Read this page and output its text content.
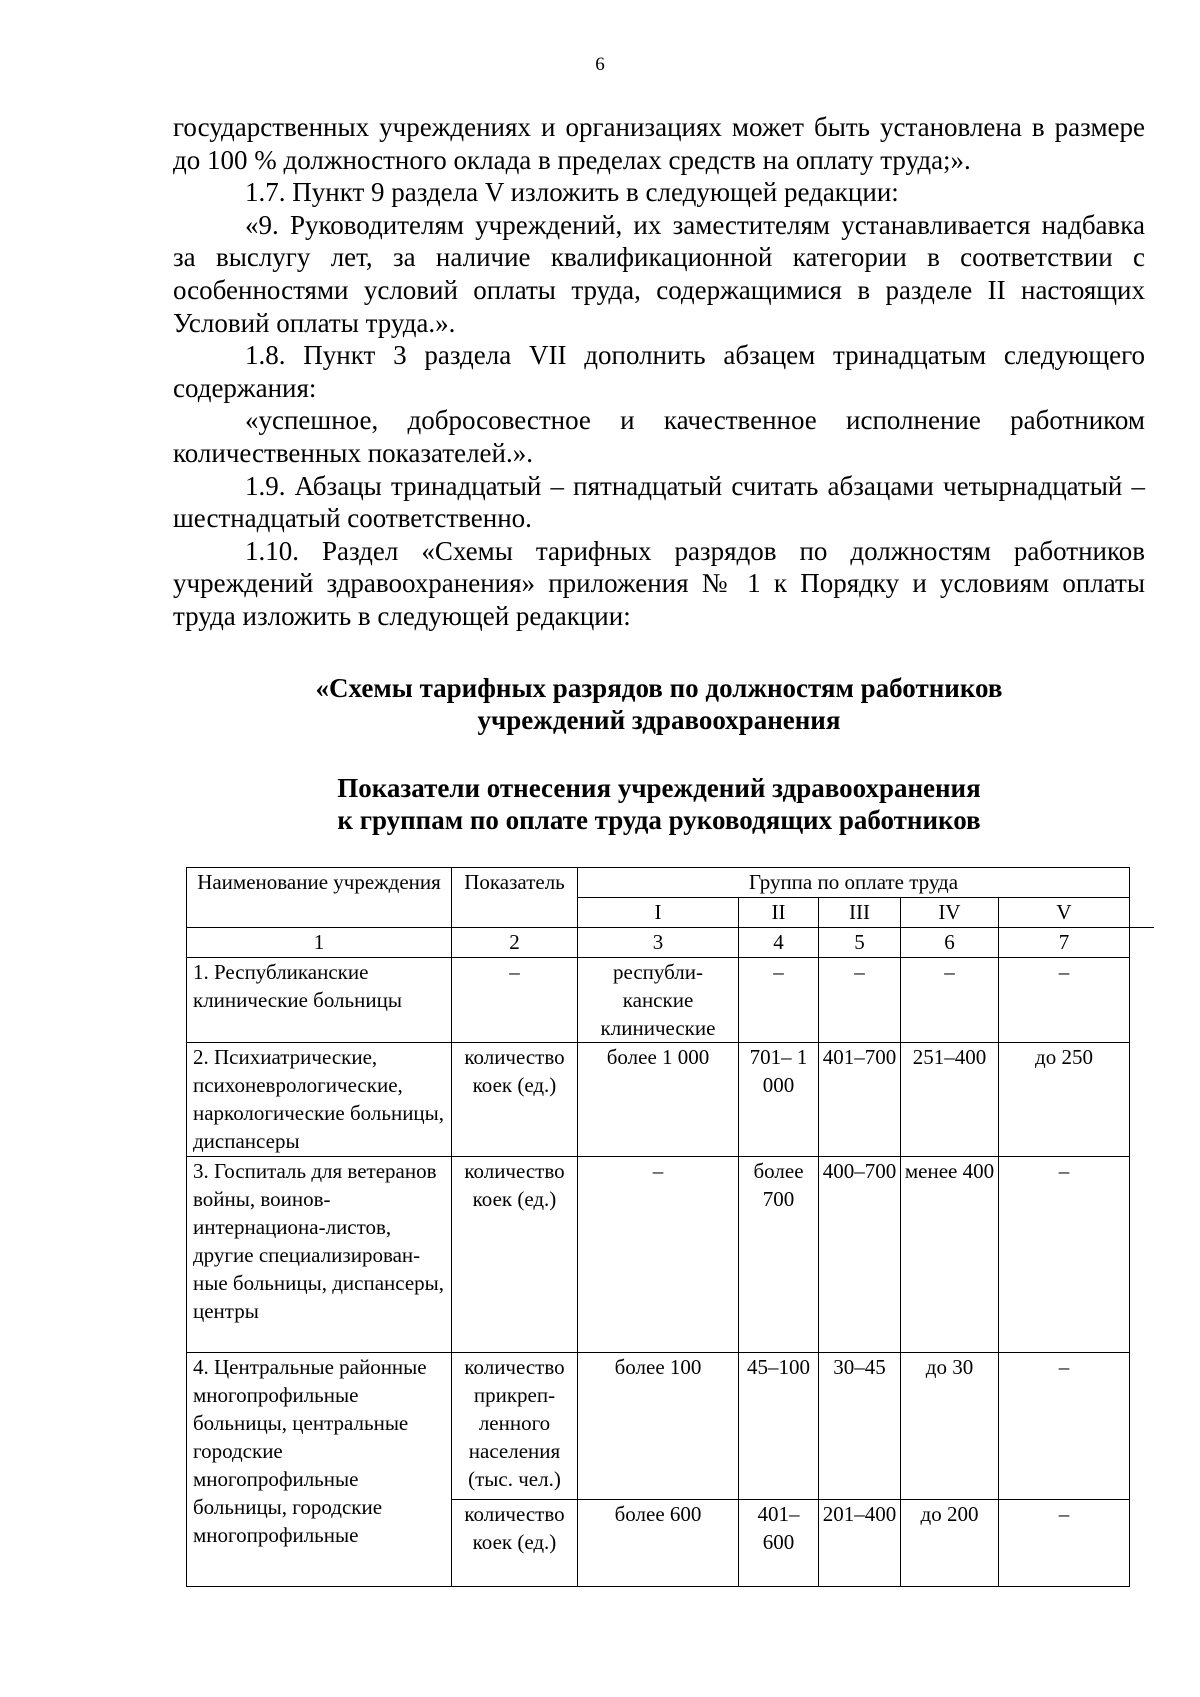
6

государственных учреждениях и организациях может быть установлена в размере до 100 % должностного оклада в пределах средств на оплату труда;».

1.7. Пункт 9 раздела V изложить в следующей редакции:

«9. Руководителям учреждений, их заместителям устанавливается надбавка за выслугу лет, за наличие квалификационной категории в соответствии с особенностями условий оплаты труда, содержащимися в разделе II настоящих Условий оплаты труда.».

1.8. Пункт 3 раздела VII дополнить абзацем тринадцатым следующего содержания:

«успешное, добросовестное и качественное исполнение работником количественных показателей.».

1.9. Абзацы тринадцатый – пятнадцатый считать абзацами четырнадцатый – шестнадцатый соответственно.

1.10. Раздел «Схемы тарифных разрядов по должностям работников учреждений здравоохранения» приложения № 1 к Порядку и условиям оплаты труда изложить в следующей редакции:

«Схемы тарифных разрядов по должностям работников
учреждений здравоохранения
Показатели отнесения учреждений здравоохранения
к группам по оплате труда руководящих работников
Наименование учреждения	Показатель	Группа по оплате труда				
		I	II	III	IV	V
1	2	3	4	5	6	7
1. Республиканские клинические больницы	–	республи-канские клинические	–	–	–	–
2. Психиатрические, психоневрологические, наркологические больницы, диспансеры	количество коек (ед.)	более 1 000	701– 1 000	401–700	251–400	до 250
3. Госпиталь для ветеранов войны, воинов-интернациона-листов, другие специализирован-ные больницы, диспансеры, центры	количество коек (ед.)	–	более 700	400–700	менее 400	–
4. Центральные районные многопрофильные больницы, центральные городские многопрофильные больницы, городские многопрофильные	количество прикреп-ленного населения (тыс. чел.)	более 100	45–100	30–45	до 30	–
	количество коек (ед.)	более 600	401– 600	201–400	до 200	–
